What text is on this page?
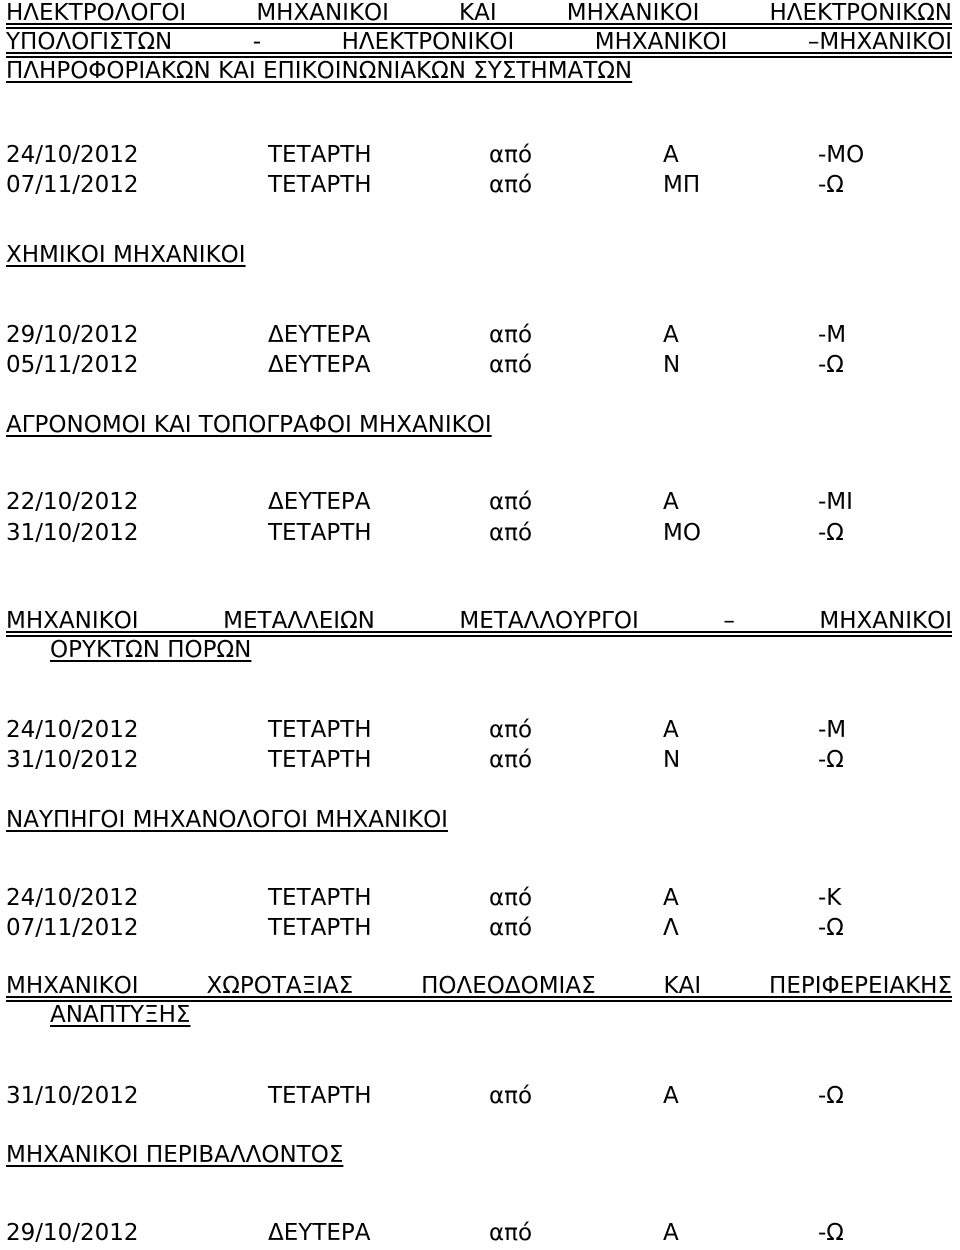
ΗΛΕΚΤΡΟΛΟΓΟΙ ΜΗΧΑΝΙΚΟΙ ΚΑΙ ΜΗΧΑΝΙΚΟΙ ΗΛΕΚΤΡΟΝΙΚΩΝ
ΥΠΟΛΟΓΙΣΤΩΝ - ΗΛΕΚΤΡΟΝΙΚΟΙ ΜΗΧΑΝΙΚΟΙ –ΜΗΧΑΝΙΚΟΙ
ΠΛΗΡΟΦΟΡΙΑΚΩΝ ΚΑΙ ΕΠΙΚΟΙΝΩΝΙΑΚΩΝ ΣΥΣΤΗΜΑΤΩΝ
24/10/2012	ΤΕΤΑΡΤΗ	από	Α	-ΜΟ
07/11/2012	ΤΕΤΑΡΤΗ	από	ΜΠ	-Ω
ΧΗΜΙΚΟΙ ΜΗΧΑΝΙΚΟΙ
29/10/2012	ΔΕΥΤΕΡΑ	από	Α	-Μ
05/11/2012	ΔΕΥΤΕΡΑ	από	Ν	-Ω
ΑΓΡΟΝΟΜΟΙ ΚΑΙ ΤΟΠΟΓΡΑΦΟΙ ΜΗΧΑΝΙΚΟΙ
22/10/2012	ΔΕΥΤΕΡΑ	από	Α	-ΜΙ
31/10/2012	ΤΕΤΑΡΤΗ	από	ΜΟ	-Ω
ΜΗΧΑΝΙΚΟΙ ΜΕΤΑΛΛΕΙΩΝ ΜΕΤΑΛΛΟΥΡΓΟΙ – ΜΗΧΑΝΙΚΟΙ
ΟΡΥΚΤΩΝ ΠΟΡΩΝ
24/10/2012	ΤΕΤΑΡΤΗ	από	Α	-Μ
31/10/2012	ΤΕΤΑΡΤΗ	από	Ν	-Ω
ΝΑΥΠΗΓΟΙ ΜΗΧΑΝΟΛΟΓΟΙ ΜΗΧΑΝΙΚΟΙ
24/10/2012	ΤΕΤΑΡΤΗ	από	Α	-Κ
07/11/2012	ΤΕΤΑΡΤΗ	από	Λ	-Ω
ΜΗΧΑΝΙΚΟΙ ΧΩΡΟΤΑΞΙΑΣ ΠΟΛΕΟΔΟΜΙΑΣ ΚΑΙ ΠΕΡΙΦΕΡΕΙΑΚΗΣ
ΑΝΑΠΤΥΞΗΣ
31/10/2012	ΤΕΤΑΡΤΗ	από	Α	-Ω
ΜΗΧΑΝΙΚΟΙ ΠΕΡΙΒΑΛΛΟΝΤΟΣ
29/10/2012	ΔΕΥΤΕΡΑ	από	Α	-Ω
